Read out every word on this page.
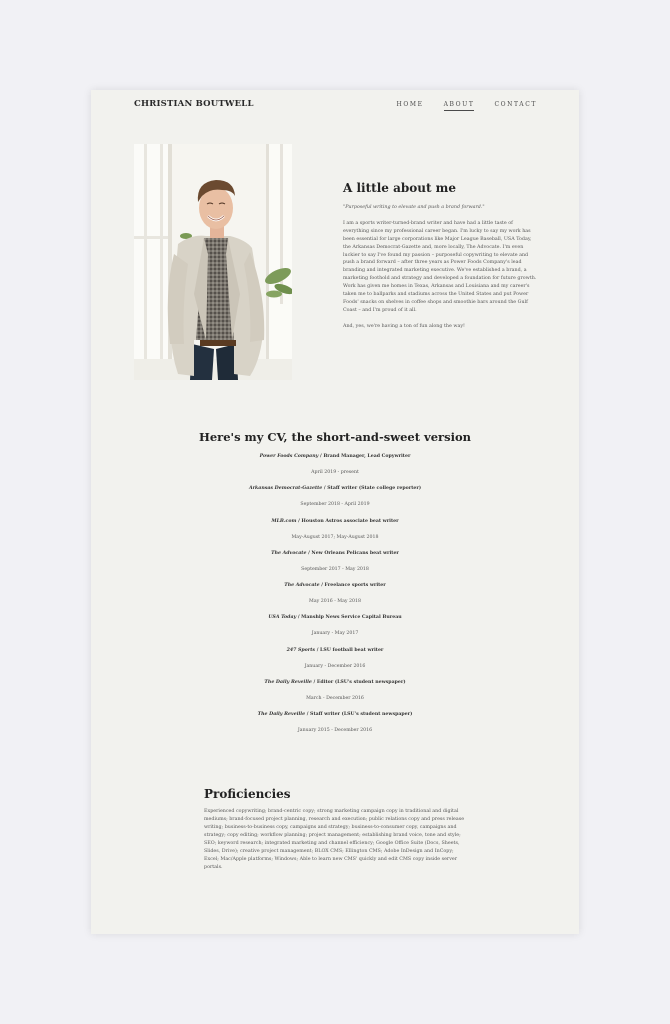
CHRISTIAN BOUTWELL	HOME	ABOUT	CONTACT
A little about me

"Purposeful writing to elevate and push a brand forward."

I am a sports writer-turned-brand writer and have had a little taste of everything since my professional career began. I'm lucky to say my work has been essential for large corporations like Major League Baseball, USA Today, the Arkansas Democrat-Gazette and, more locally, The Advocate. I'm even luckier to say I've found my passion – purposeful copywriting to elevate and push a brand forward – after three years as Power Foods Company's lead branding and integrated marketing executive. We've established a brand, a marketing foothold and strategy and developed a foundation for future growth. Work has given me homes in Texas, Arkansas and Louisiana and my career's taken me to ballparks and stadiums across the United States and put Power Foods' snacks on shelves in coffee shops and smoothie bars around the Gulf Coast – and I'm proud of it all.

And, yes, we're having a ton of fun along the way!

Here's my CV, the short-and-sweet version
Power Foods Company / Brand Manager, Lead Copywriter
April 2019 - present
Arkansas Democrat-Gazette / Staff writer (State college reporter)
September 2018 - April 2019
MLB.com / Houston Astros associate beat writer
May-August 2017; May-August 2018
The Advocate / New Orleans Pelicans beat writer
September 2017 - May 2018
The Advocate / Freelance sports writer
May 2016 - May 2018
USA Today / Manship News Service Capital Bureau
January - May 2017
247 Sports / LSU football beat writer
January - December 2016
The Daily Reveille / Editor (LSU's student newspaper)
March - December 2016
The Daily Reveille / Staff writer (LSU's student newspaper)
January 2015 - December 2016
Proficiencies

Experienced copywriting; brand-centric copy; strong marketing campaign copy in traditional and digital mediums; brand-focused project planning, research and execution; public relations copy and press release writing; business-to-business copy, campaigns and strategy; business-to-consumer copy, campaigns and strategy; copy editing; workflow planning; project management; establishing brand voice, tone and style; SEO; keyword research; integrated marketing and channel efficiency; Google Office Suite (Docs, Sheets, Slides, Drive); creative project management; BLOX CMS; Ellington CMS; Adobe InDesign and InCopy; Excel; Mac/Apple platforms; Windows; Able to learn new CMS' quickly and edit CMS copy inside server portals.
